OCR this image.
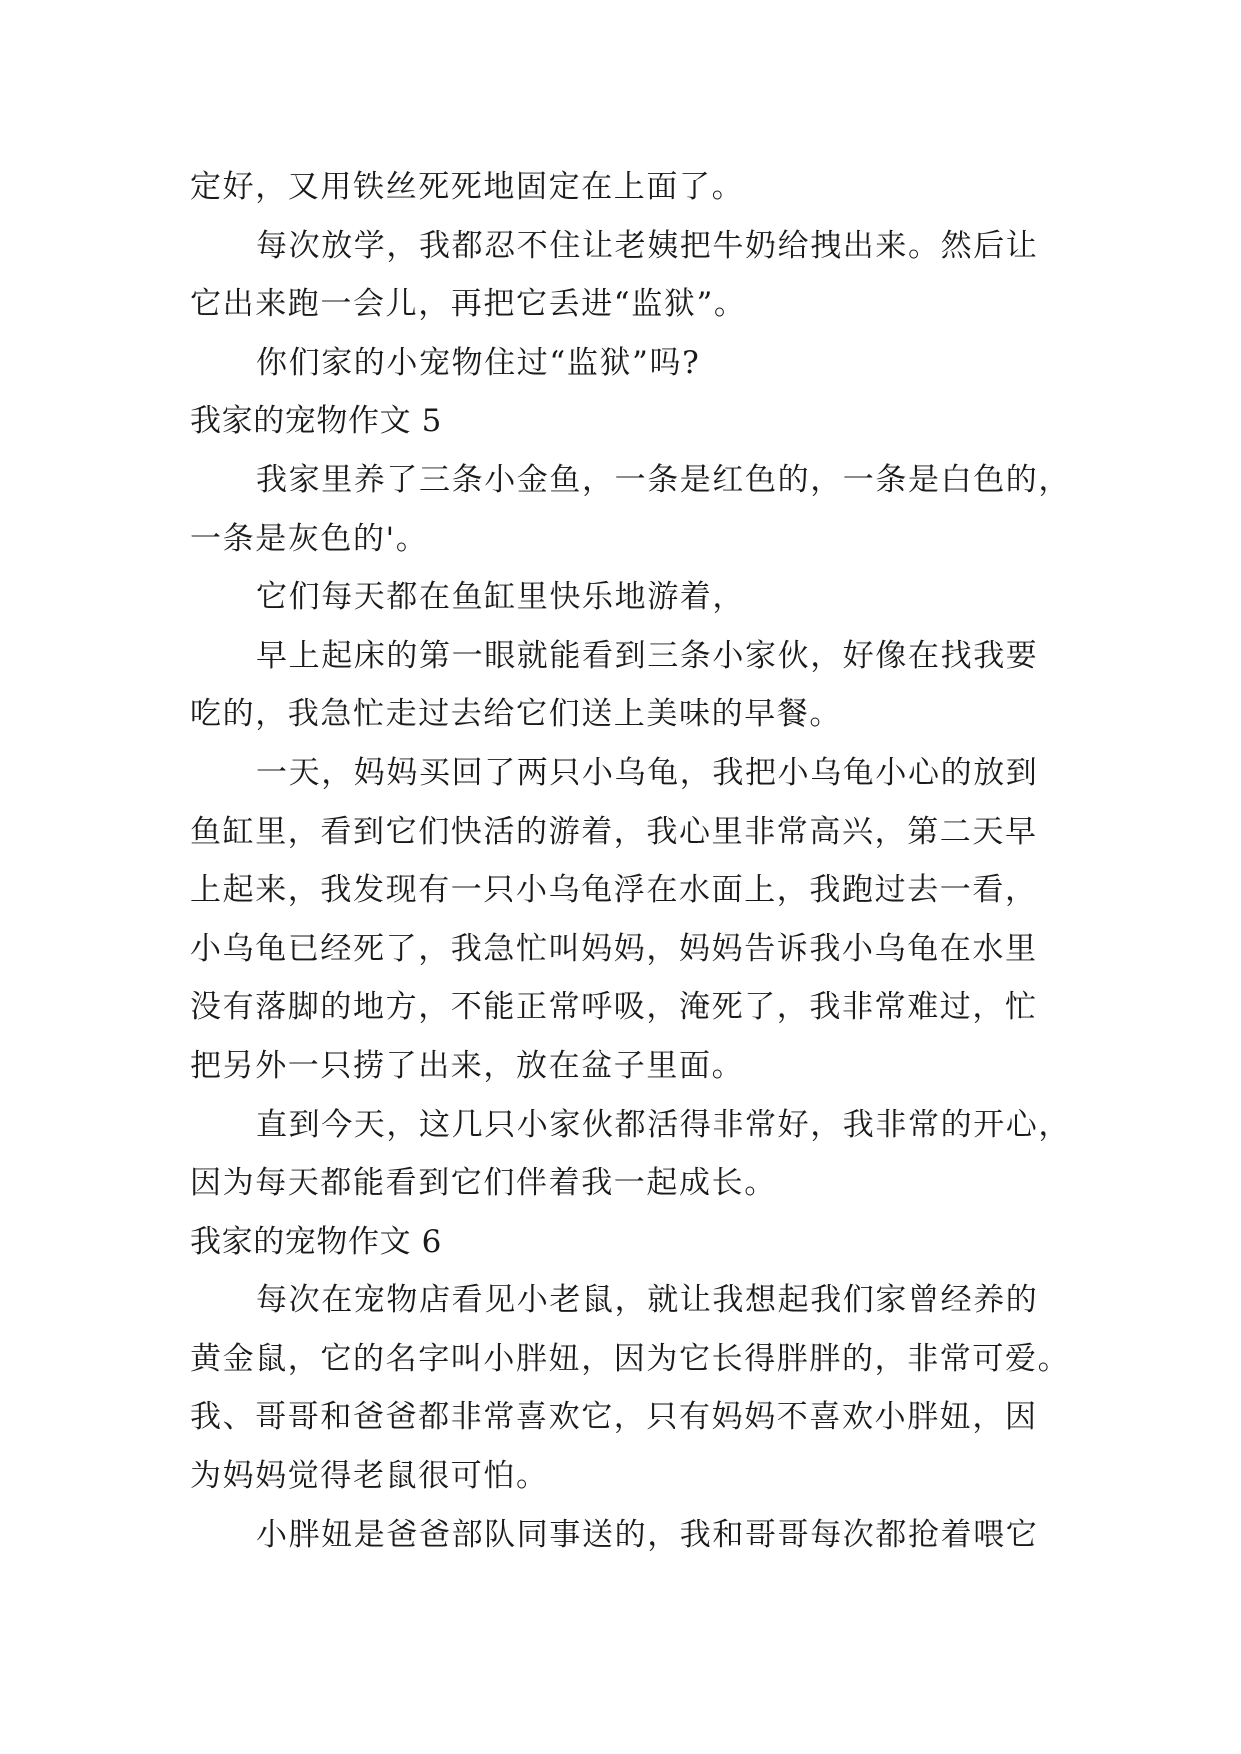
定好，又用铁丝死死地固定在上面了。
每次放学，我都忍不住让老姨把牛奶给拽出来。然后让
它出来跑一会儿，再把它丢进“监狱”。
你们家的小宠物住过“监狱”吗?
我家的宠物作文 5
我家里养了三条小金鱼，一条是红色的，一条是白色的，
一条是灰色的'。
它们每天都在鱼缸里快乐地游着，
早上起床的第一眼就能看到三条小家伙，好像在找我要
吃的，我急忙走过去给它们送上美味的早餐。
一天，妈妈买回了两只小乌龟，我把小乌龟小心的放到
鱼缸里，看到它们快活的游着，我心里非常高兴，第二天早
上起来，我发现有一只小乌龟浮在水面上，我跑过去一看，
小乌龟已经死了，我急忙叫妈妈，妈妈告诉我小乌龟在水里
没有落脚的地方，不能正常呼吸，淹死了，我非常难过，忙
把另外一只捞了出来，放在盆子里面。
直到今天，这几只小家伙都活得非常好，我非常的开心，
因为每天都能看到它们伴着我一起成长。
我家的宠物作文 6
每次在宠物店看见小老鼠，就让我想起我们家曾经养的
黄金鼠，它的名字叫小胖妞，因为它长得胖胖的，非常可爱。
我、哥哥和爸爸都非常喜欢它，只有妈妈不喜欢小胖妞，因
为妈妈觉得老鼠很可怕。
小胖妞是爸爸部队同事送的，我和哥哥每次都抢着喂它
